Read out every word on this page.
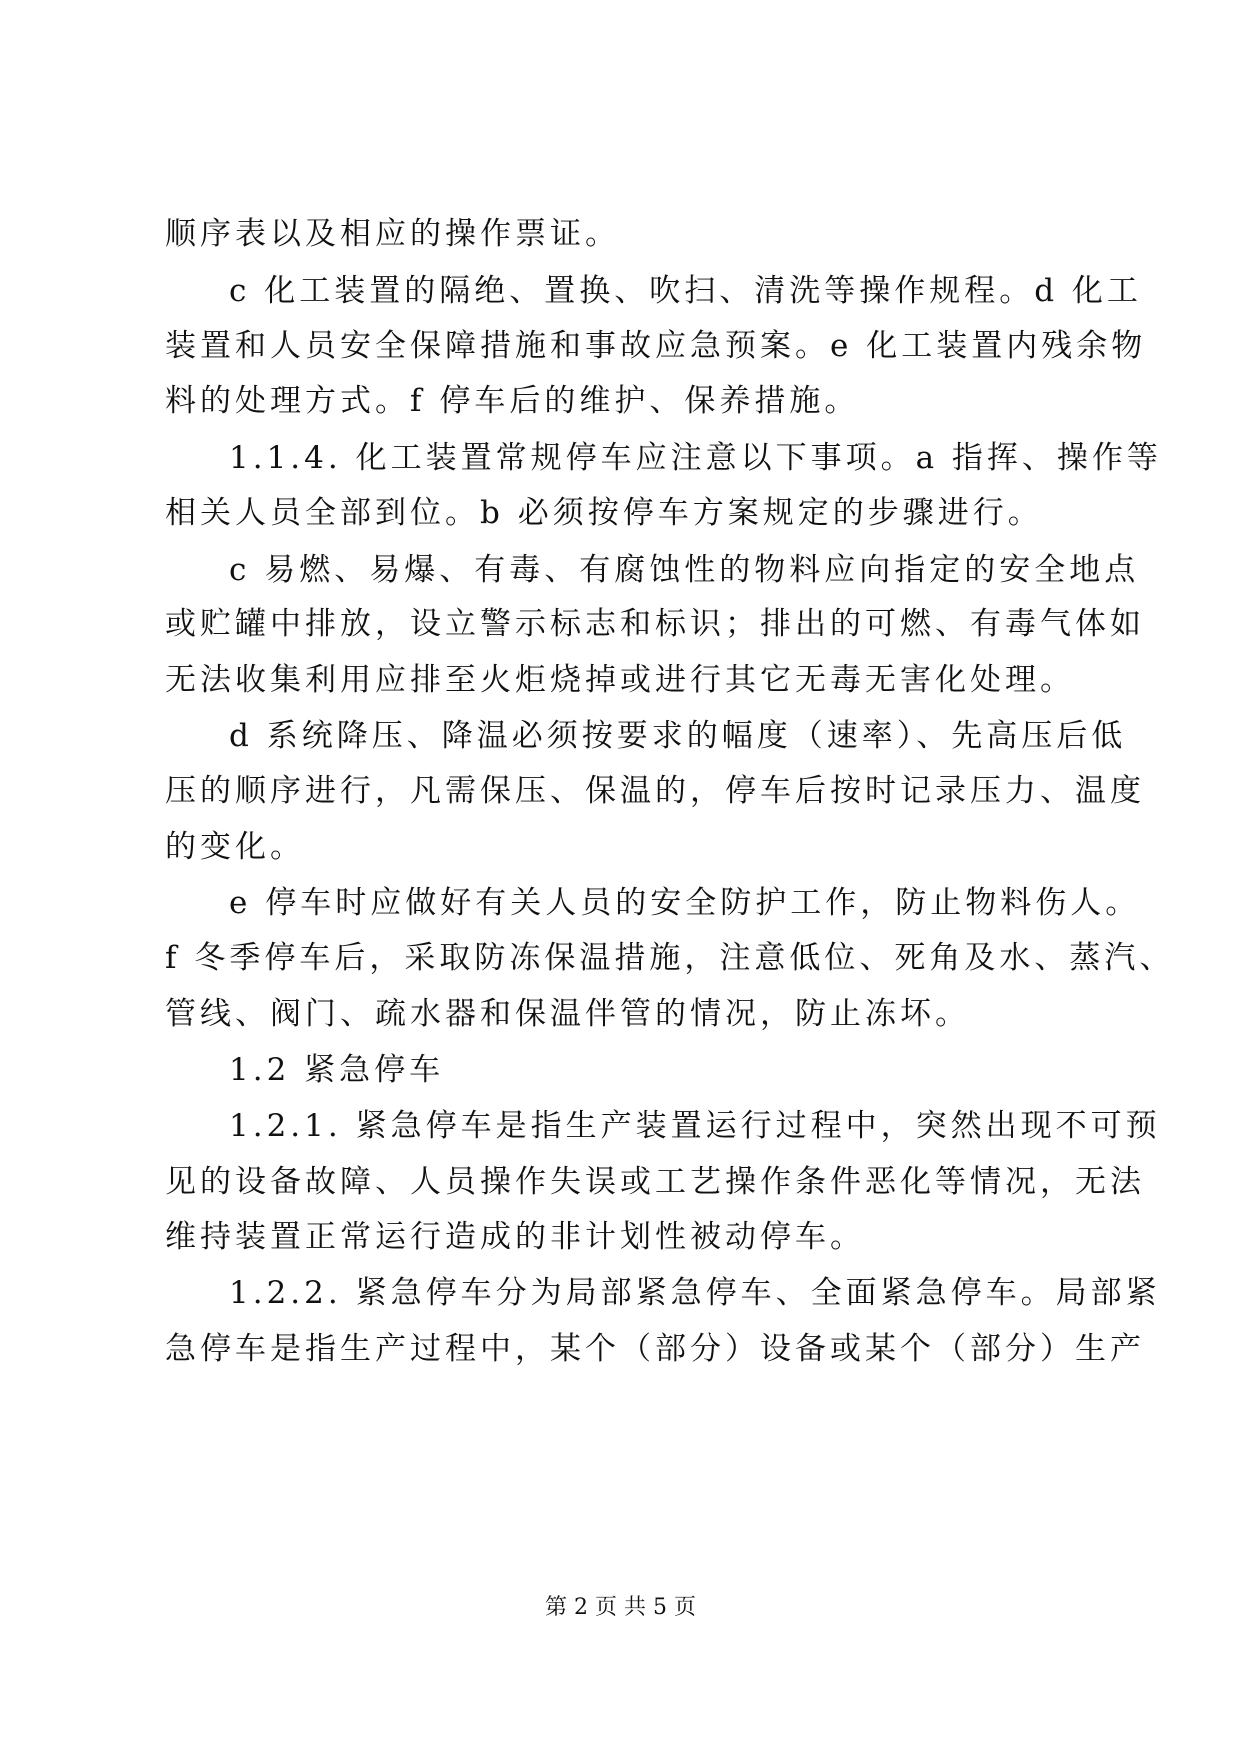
顺序表以及相应的操作票证。
c 化工装置的隔绝、置换、吹扫、清洗等操作规程。d 化工
装置和人员安全保障措施和事故应急预案。e 化工装置内残余物
料的处理方式。f 停车后的维护、保养措施。
1.1.4. 化工装置常规停车应注意以下事项。a 指挥、操作等
相关人员全部到位。b 必须按停车方案规定的步骤进行。
c 易燃、易爆、有毒、有腐蚀性的物料应向指定的安全地点
或贮罐中排放，设立警示标志和标识；排出的可燃、有毒气体如
无法收集利用应排至火炬烧掉或进行其它无毒无害化处理。
d 系统降压、降温必须按要求的幅度（速率）、先高压后低
压的顺序进行，凡需保压、保温的，停车后按时记录压力、温度
的变化。
e 停车时应做好有关人员的安全防护工作，防止物料伤人。
f 冬季停车后，采取防冻保温措施，注意低位、死角及水、蒸汽、
管线、阀门、疏水器和保温伴管的情况，防止冻坏。
1.2 紧急停车
1.2.1. 紧急停车是指生产装置运行过程中，突然出现不可预
见的设备故障、人员操作失误或工艺操作条件恶化等情况，无法
维持装置正常运行造成的非计划性被动停车。
1.2.2. 紧急停车分为局部紧急停车、全面紧急停车。局部紧
急停车是指生产过程中，某个（部分）设备或某个（部分）生产
第 2 页 共 5 页
